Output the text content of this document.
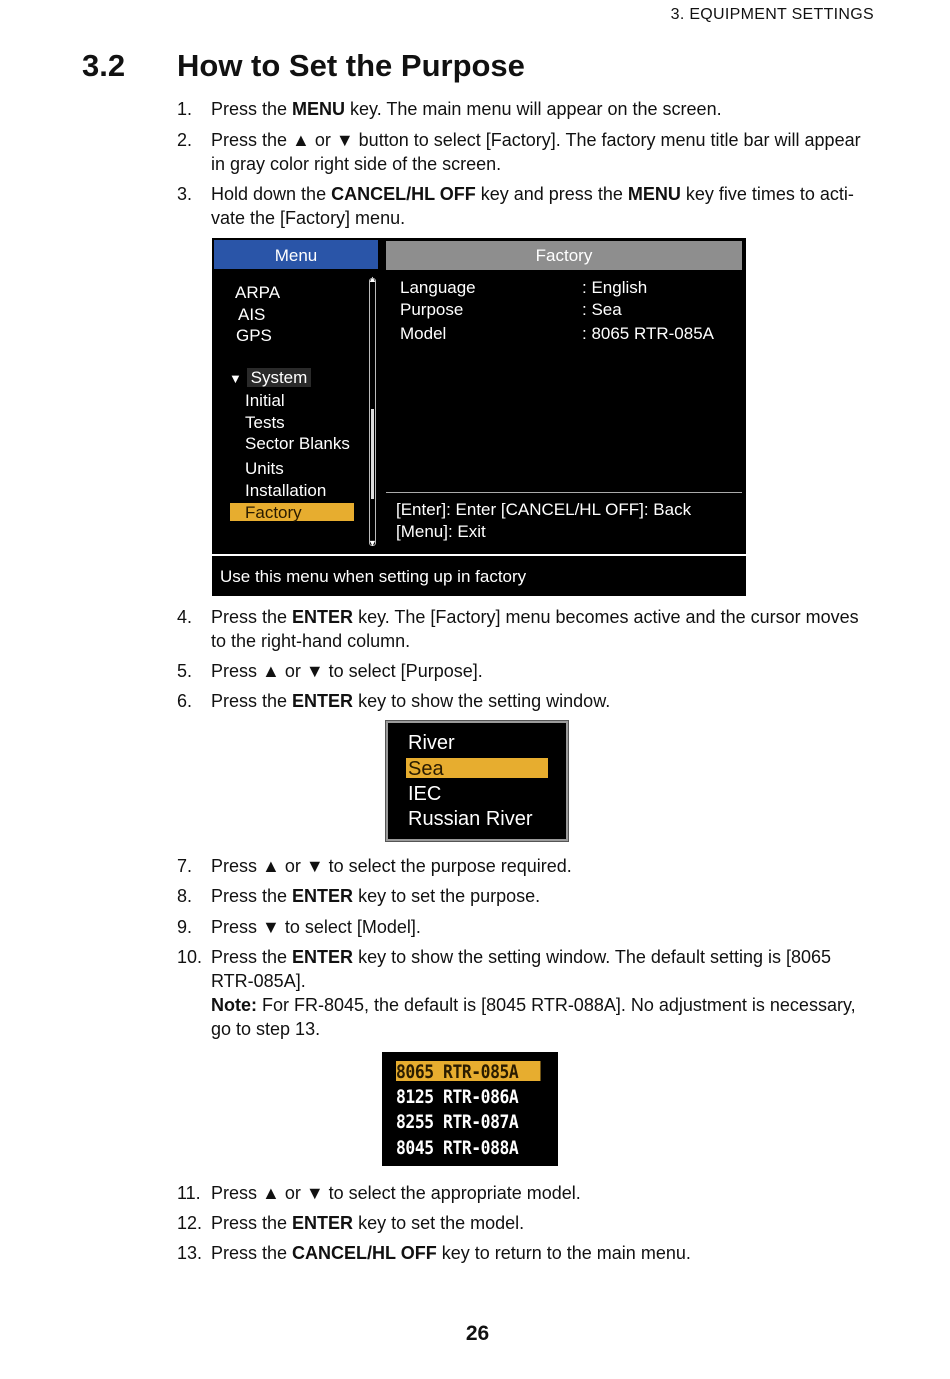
3. EQUIPMENT SETTINGS
3.2 How to Set the Purpose
1. Press the MENU key. The main menu will appear on the screen.
2. Press the ▲ or ▼ button to select [Factory]. The factory menu title bar will appear in gray color right side of the screen.
3. Hold down the CANCEL/HL OFF key and press the MENU key five times to acti-vate the [Factory] menu.
Menu
ARPA
AIS
GPS
▼ System
Initial
Tests
Sector Blanks
Units
Installation
Factory
▲
▼
Factory
Language	: English
Purpose	: Sea
Model	: 8065 RTR-085A
[Enter]: Enter [CANCEL/HL OFF]: Back
[Menu]: Exit
Use this menu when setting up in factory
4. Press the ENTER key. The [Factory] menu becomes active and the cursor moves to the right-hand column.
5. Press ▲ or ▼ to select [Purpose].
6. Press the ENTER key to show the setting window.
River
Sea
IEC
Russian River
7. Press ▲ or ▼ to select the purpose required.
8. Press the ENTER key to set the purpose.
9. Press ▼ to select [Model].
10. Press the ENTER key to show the setting window. The default setting is [8065 RTR-085A].
Note: For FR-8045, the default is [8045 RTR-088A]. No adjustment is necessary, go to step 13.
8065 RTR-085A
8125 RTR-086A
8255 RTR-087A
8045 RTR-088A
11. Press ▲ or ▼ to select the appropriate model.
12. Press the ENTER key to set the model.
13. Press the CANCEL/HL OFF key to return to the main menu.
26
